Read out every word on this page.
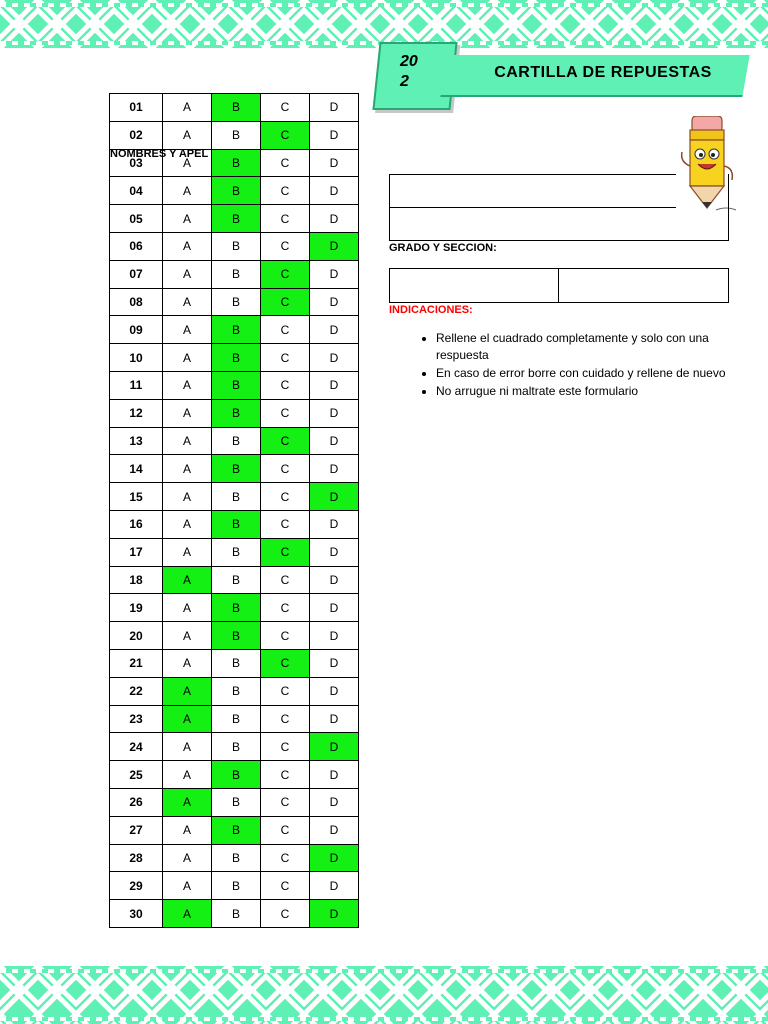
20
2
CARTILLA DE REPUESTAS
01	A	B	C	D
02	A	B	C	D
03	A	B	C	D
04	A	B	C	D
05	A	B	C	D
06	A	B	C	D
07	A	B	C	D
08	A	B	C	D
09	A	B	C	D
10	A	B	C	D
11	A	B	C	D
12	A	B	C	D
13	A	B	C	D
14	A	B	C	D
15	A	B	C	D
16	A	B	C	D
17	A	B	C	D
18	A	B	C	D
19	A	B	C	D
20	A	B	C	D
21	A	B	C	D
22	A	B	C	D
23	A	B	C	D
24	A	B	C	D
25	A	B	C	D
26	A	B	C	D
27	A	B	C	D
28	A	B	C	D
29	A	B	C	D
30	A	B	C	D
NOMBRES Y APEL
GRADO Y SECCION:
INDICACIONES:
• Rellene el cuadrado completamente y solo con una respuesta
• En caso de error borre con cuidado y rellene de nuevo
• No arrugue ni maltrate este formulario
